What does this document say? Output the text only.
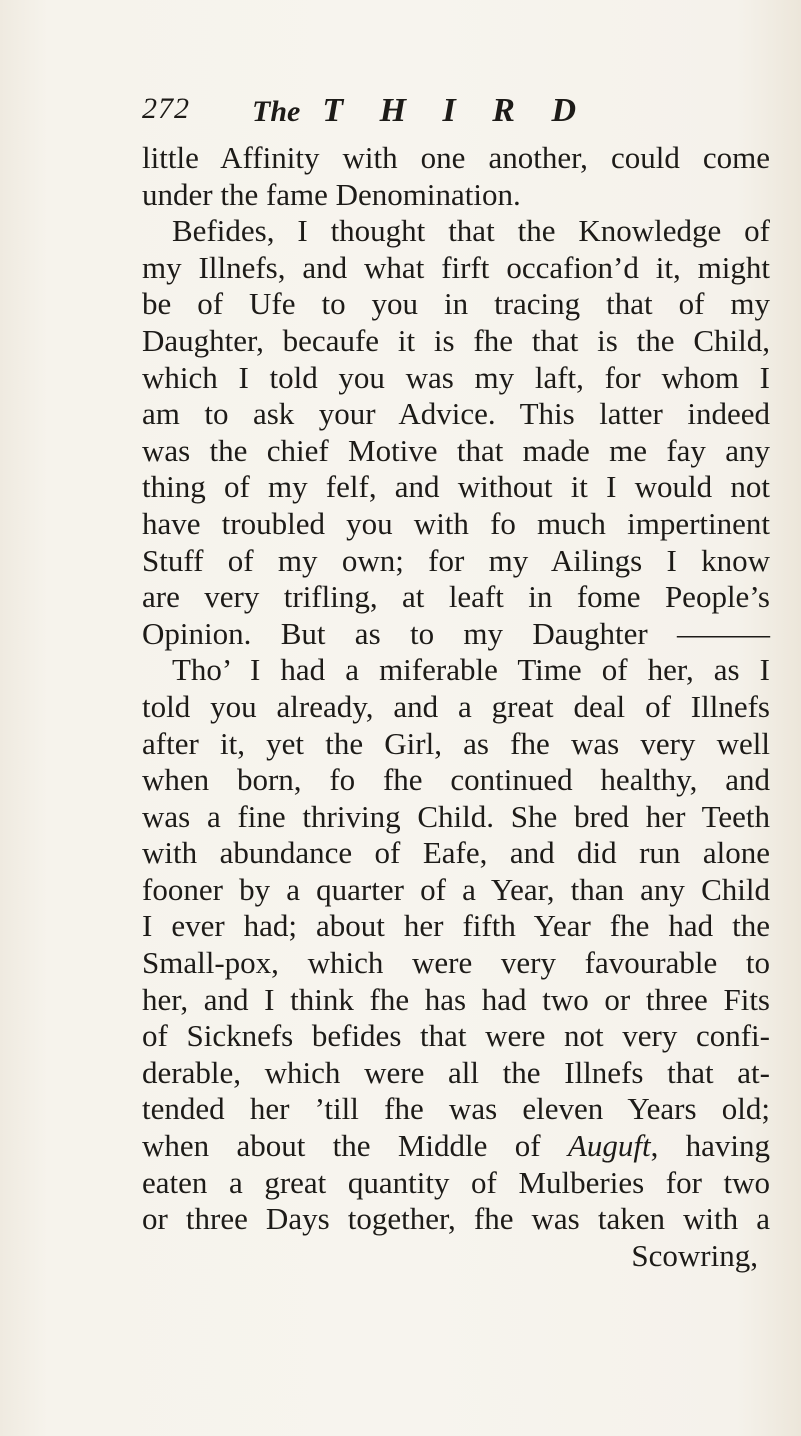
272 The T H I R D
little Affinity with one another, could come
under the fame Denomination.
Befides, I thought that the Knowledge of
my Illnefs, and what firft occafion’d it, might
be of Ufe to you in tracing that of my
Daughter, becaufe it is fhe that is the Child,
which I told you was my laft, for whom I
am to ask your Advice. This latter indeed
was the chief Motive that made me fay any
thing of my felf, and without it I would not
have troubled you with fo much impertinent
Stuff of my own; for my Ailings I know
are very trifling, at leaft in fome People’s
Opinion. But as to my Daughter ———
Tho’ I had a miferable Time of her, as I
told you already, and a great deal of Illnefs
after it, yet the Girl, as fhe was very well
when born, fo fhe continued healthy, and
was a fine thriving Child. She bred her Teeth
with abundance of Eafe, and did run alone
fooner by a quarter of a Year, than any Child
I ever had; about her fifth Year fhe had the
Small-pox, which were very favourable to
her, and I think fhe has had two or three Fits
of Sicknefs befides that were not very confi-
derable, which were all the Illnefs that at-
tended her ’till fhe was eleven Years old;
when about the Middle of Auguft, having
eaten a great quantity of Mulberies for two
or three Days together, fhe was taken with a
Scowring,
